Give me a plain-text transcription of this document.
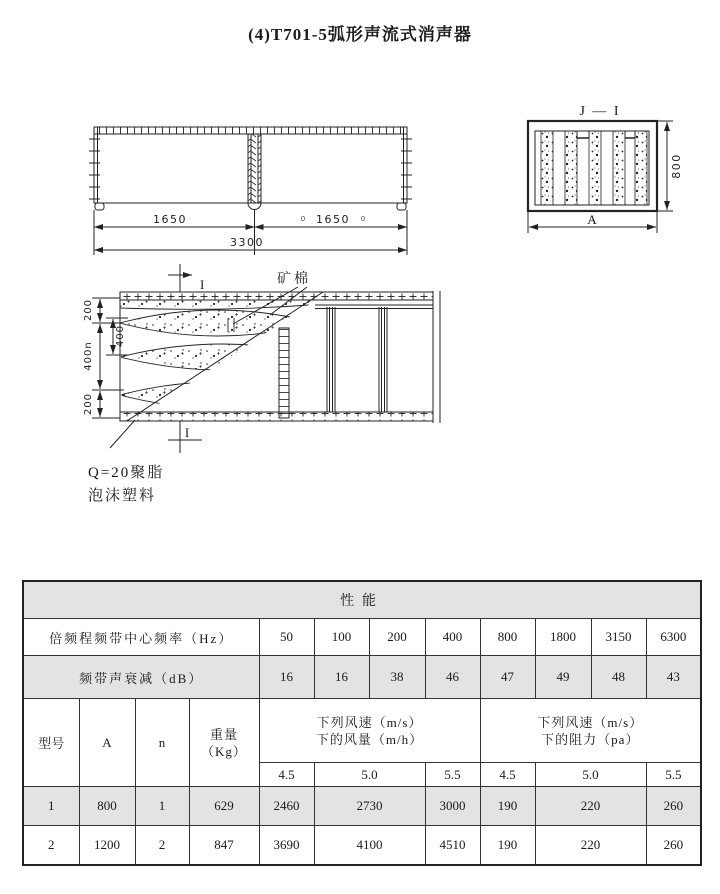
(4)T701-5弧形声流式消声器
1650	1650
0	0
3300
J — I
800
A
I
I
矿棉
200
400n
200
400
Q=20聚脂
泡沫塑料
性能											
倍频程频带中心频率（Hz）				50	100	200	400	800	1800	3150	6300
频带声衰减（dB）				16	16	38	46	47	49	48	43
型号	A	n	
重量
（Kg）

下列风速（m/s）
下的风量（m/h）

下列风速（m/s）
下的阻力（pa）

				4.5	5.0		5.5	4.5	5.0		5.5
1	800	1	629	2460	2730		3000	190	220		260
2	1200	2	847	3690	4100		4510	190	220		260
